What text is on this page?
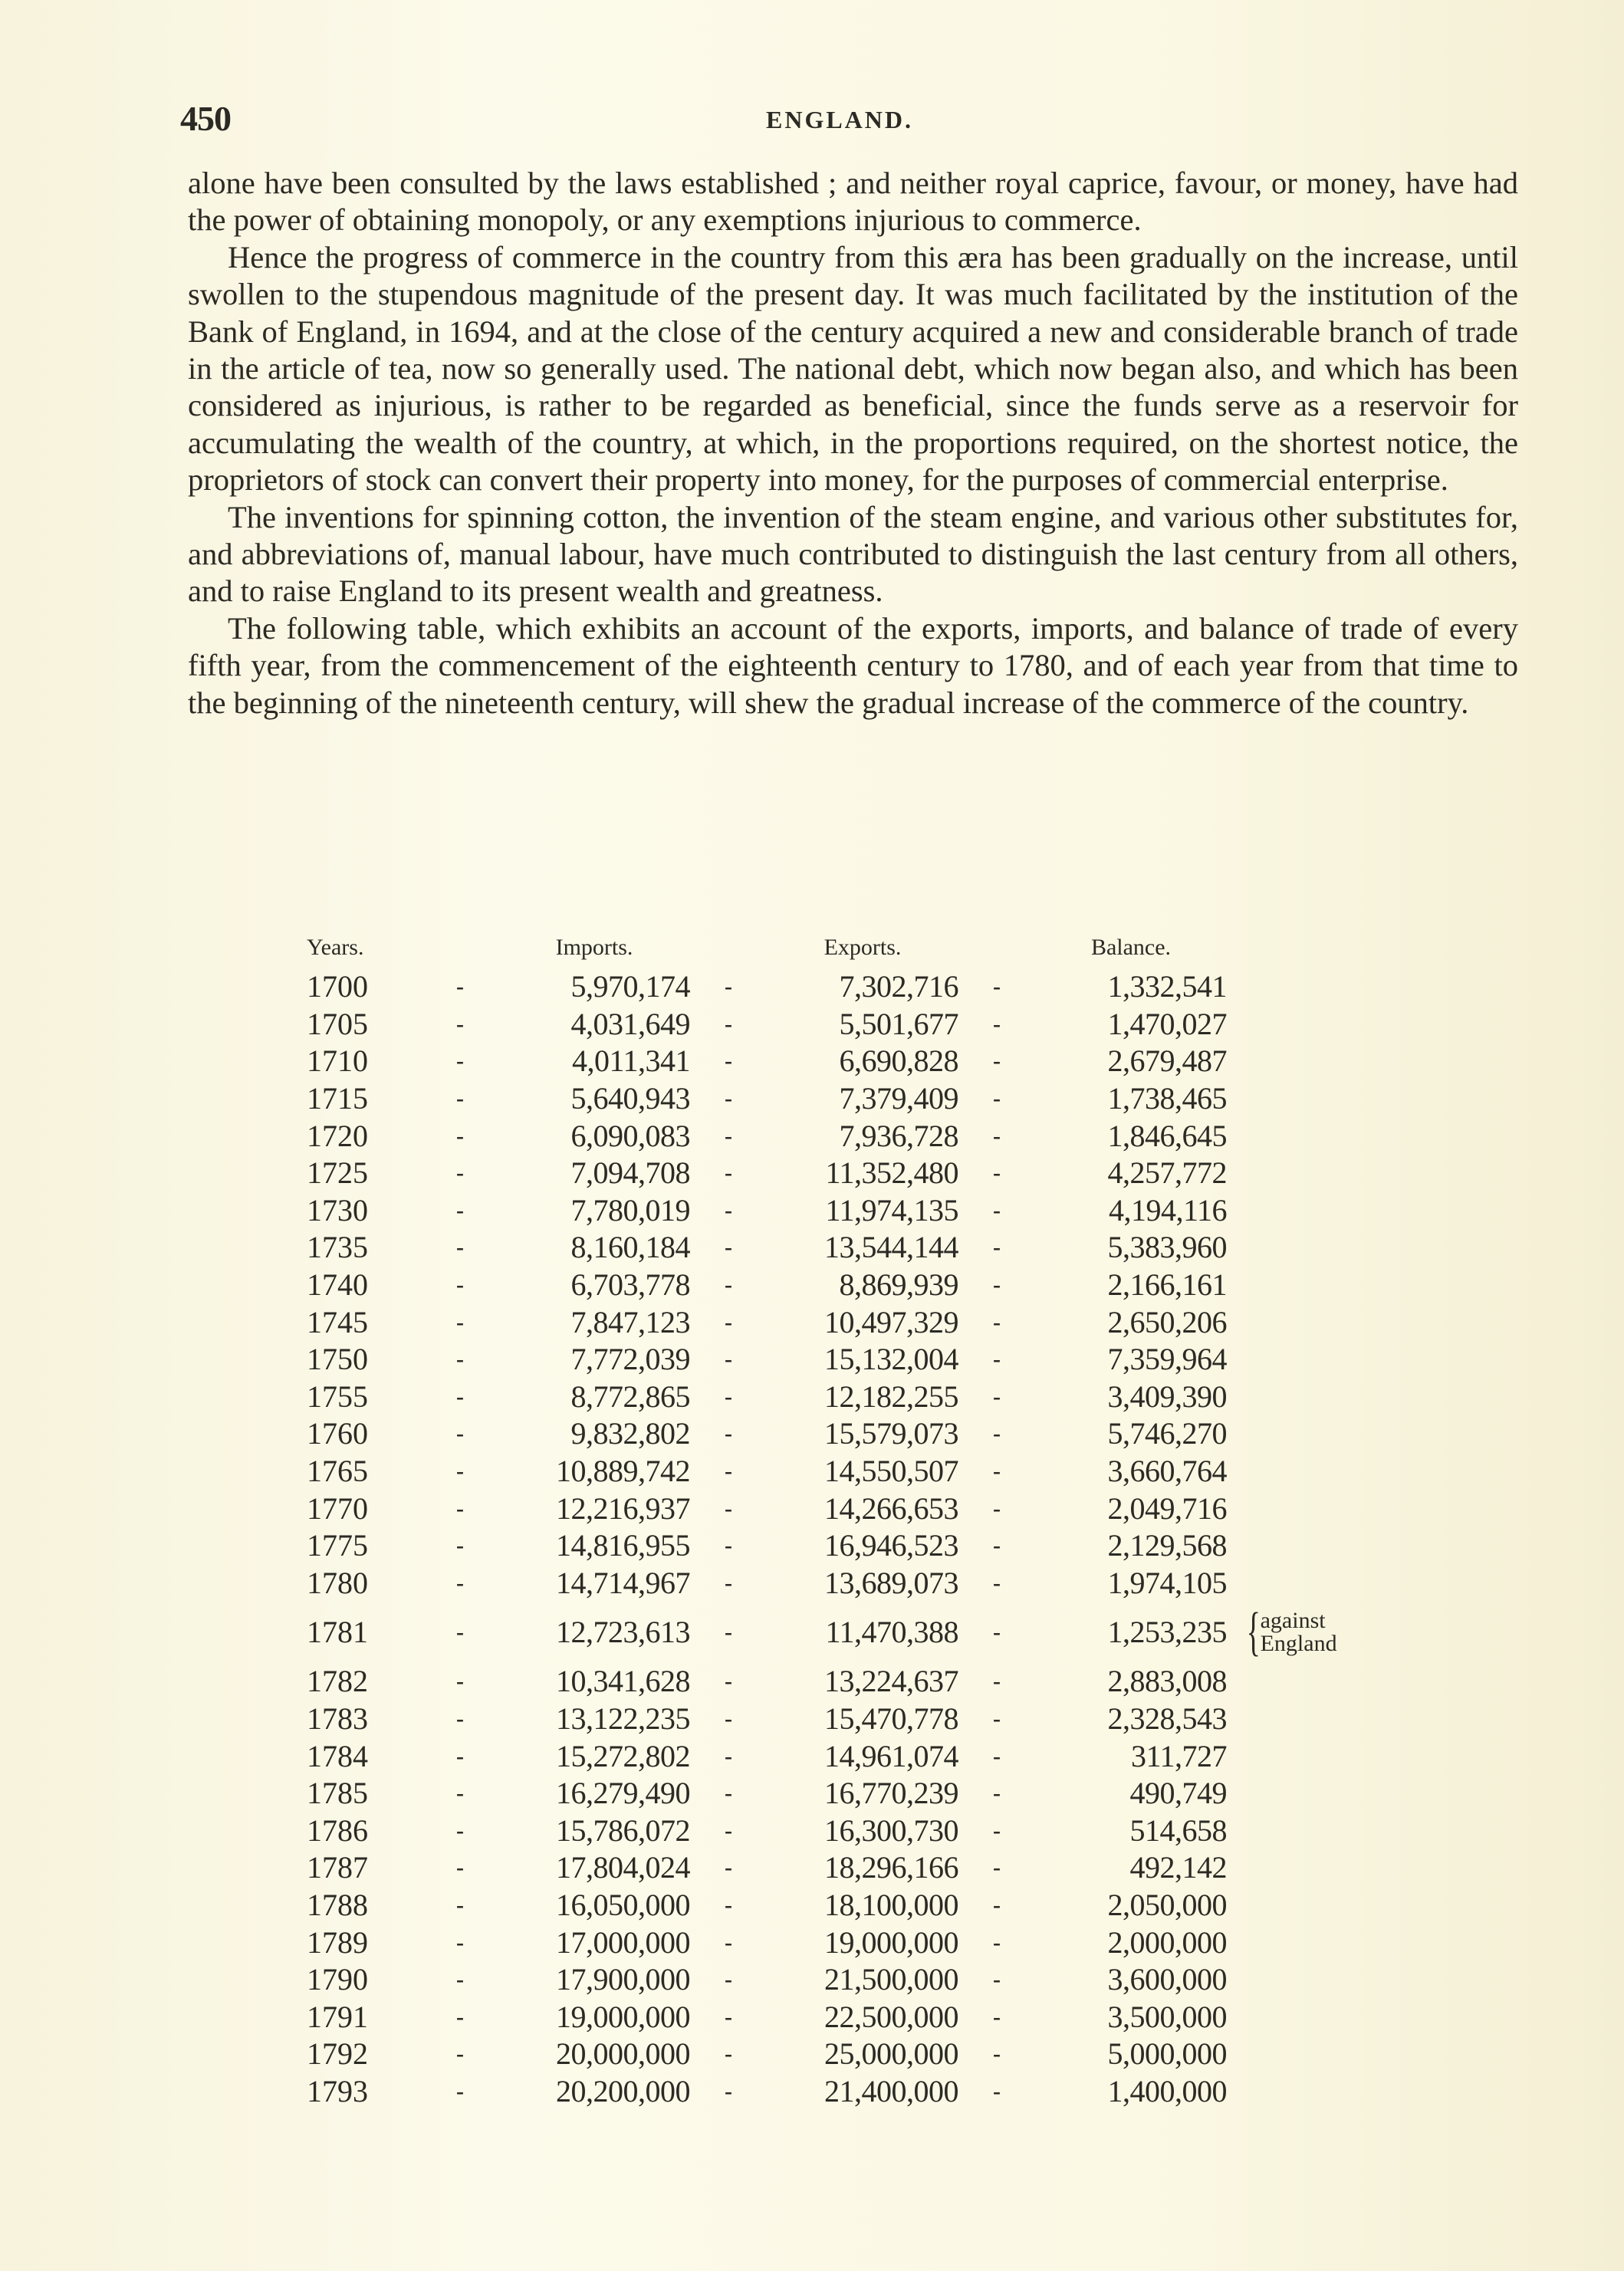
450	ENGLAND.

alone have been consulted by the laws established ; and neither royal caprice, favour, or money, have had the power of obtaining monopoly, or any exemptions injurious to commerce.

Hence the progress of commerce in the country from this æra has been gradually on the increase, until swollen to the stupendous magnitude of the present day. It was much facilitated by the institution of the Bank of England, in 1694, and at the close of the century acquired a new and considerable branch of trade in the article of tea, now so generally used. The national debt, which now began also, and which has been considered as injurious, is rather to be regarded as beneficial, since the funds serve as a reservoir for accumulating the wealth of the country, at which, in the proportions required, on the shortest notice, the proprietors of stock can convert their property into money, for the purposes of commercial enterprise.

The inventions for spinning cotton, the invention of the steam engine, and various other substitutes for, and abbreviations of, manual labour, have much contributed to distinguish the last century from all others, and to raise England to its present wealth and greatness.

The following table, which exhibits an account of the exports, imports, and balance of trade of every fifth year, from the commencement of the eighteenth century to 1780, and of each year from that time to the beginning of the nineteenth century, will shew the gradual increase of the commerce of the country.

Years.		Imports.		Exports.		Balance.	
1700	-	5,970,174	-	7,302,716	-	1,332,541	
1705	-	4,031,649	-	5,501,677	-	1,470,027	
1710	-	4,011,341	-	6,690,828	-	2,679,487	
1715	-	5,640,943	-	7,379,409	-	1,738,465	
1720	-	6,090,083	-	7,936,728	-	1,846,645	
1725	-	7,094,708	-	11,352,480	-	4,257,772	
1730	-	7,780,019	-	11,974,135	-	4,194,116	
1735	-	8,160,184	-	13,544,144	-	5,383,960	
1740	-	6,703,778	-	8,869,939	-	2,166,161	
1745	-	7,847,123	-	10,497,329	-	2,650,206	
1750	-	7,772,039	-	15,132,004	-	7,359,964	
1755	-	8,772,865	-	12,182,255	-	3,409,390	
1760	-	9,832,802	-	15,579,073	-	5,746,270	
1765	-	10,889,742	-	14,550,507	-	3,660,764	
1770	-	12,216,937	-	14,266,653	-	2,049,716	
1775	-	14,816,955	-	16,946,523	-	2,129,568	
1780	-	14,714,967	-	13,689,073	-	1,974,105	
1781	-	12,723,613	-	11,470,388	-	1,253,235	{ against
England

1782	-	10,341,628	-	13,224,637	-	2,883,008	
1783	-	13,122,235	-	15,470,778	-	2,328,543	
1784	-	15,272,802	-	14,961,074	-	311,727	
1785	-	16,279,490	-	16,770,239	-	490,749	
1786	-	15,786,072	-	16,300,730	-	514,658	
1787	-	17,804,024	-	18,296,166	-	492,142	
1788	-	16,050,000	-	18,100,000	-	2,050,000	
1789	-	17,000,000	-	19,000,000	-	2,000,000	
1790	-	17,900,000	-	21,500,000	-	3,600,000	
1791	-	19,000,000	-	22,500,000	-	3,500,000	
1792	-	20,000,000	-	25,000,000	-	5,000,000	
1793	-	20,200,000	-	21,400,000	-	1,400,000	
